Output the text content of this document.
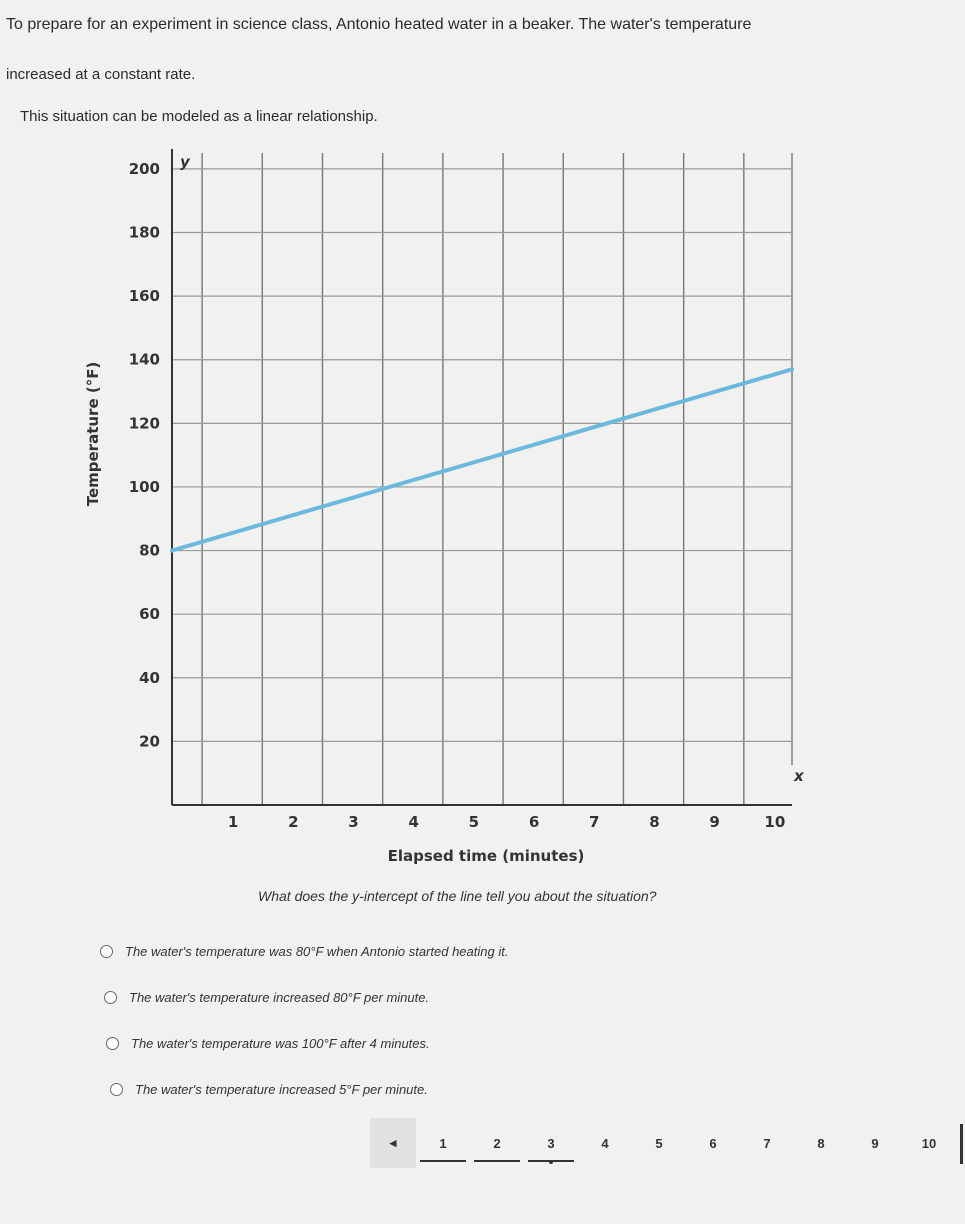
To prepare for an experiment in science class, Antonio heated water in a beaker. The water's temperature
increased at a constant rate.
This situation can be modeled as a linear relationship.
y
x
20
40
60
80
100
120
140
160
180
200
1	2	3	4	5	6	7	8	9	10
Elapsed time (minutes)
Temperature (°F)
What does the y-intercept of the line tell you about the situation?
The water's temperature was 80°F when Antonio started heating it.
The water's temperature increased 80°F per minute.
The water's temperature was 100°F after 4 minutes.
The water's temperature increased 5°F per minute.
◂	1	2	3	4	5	6	7	8	9	10
